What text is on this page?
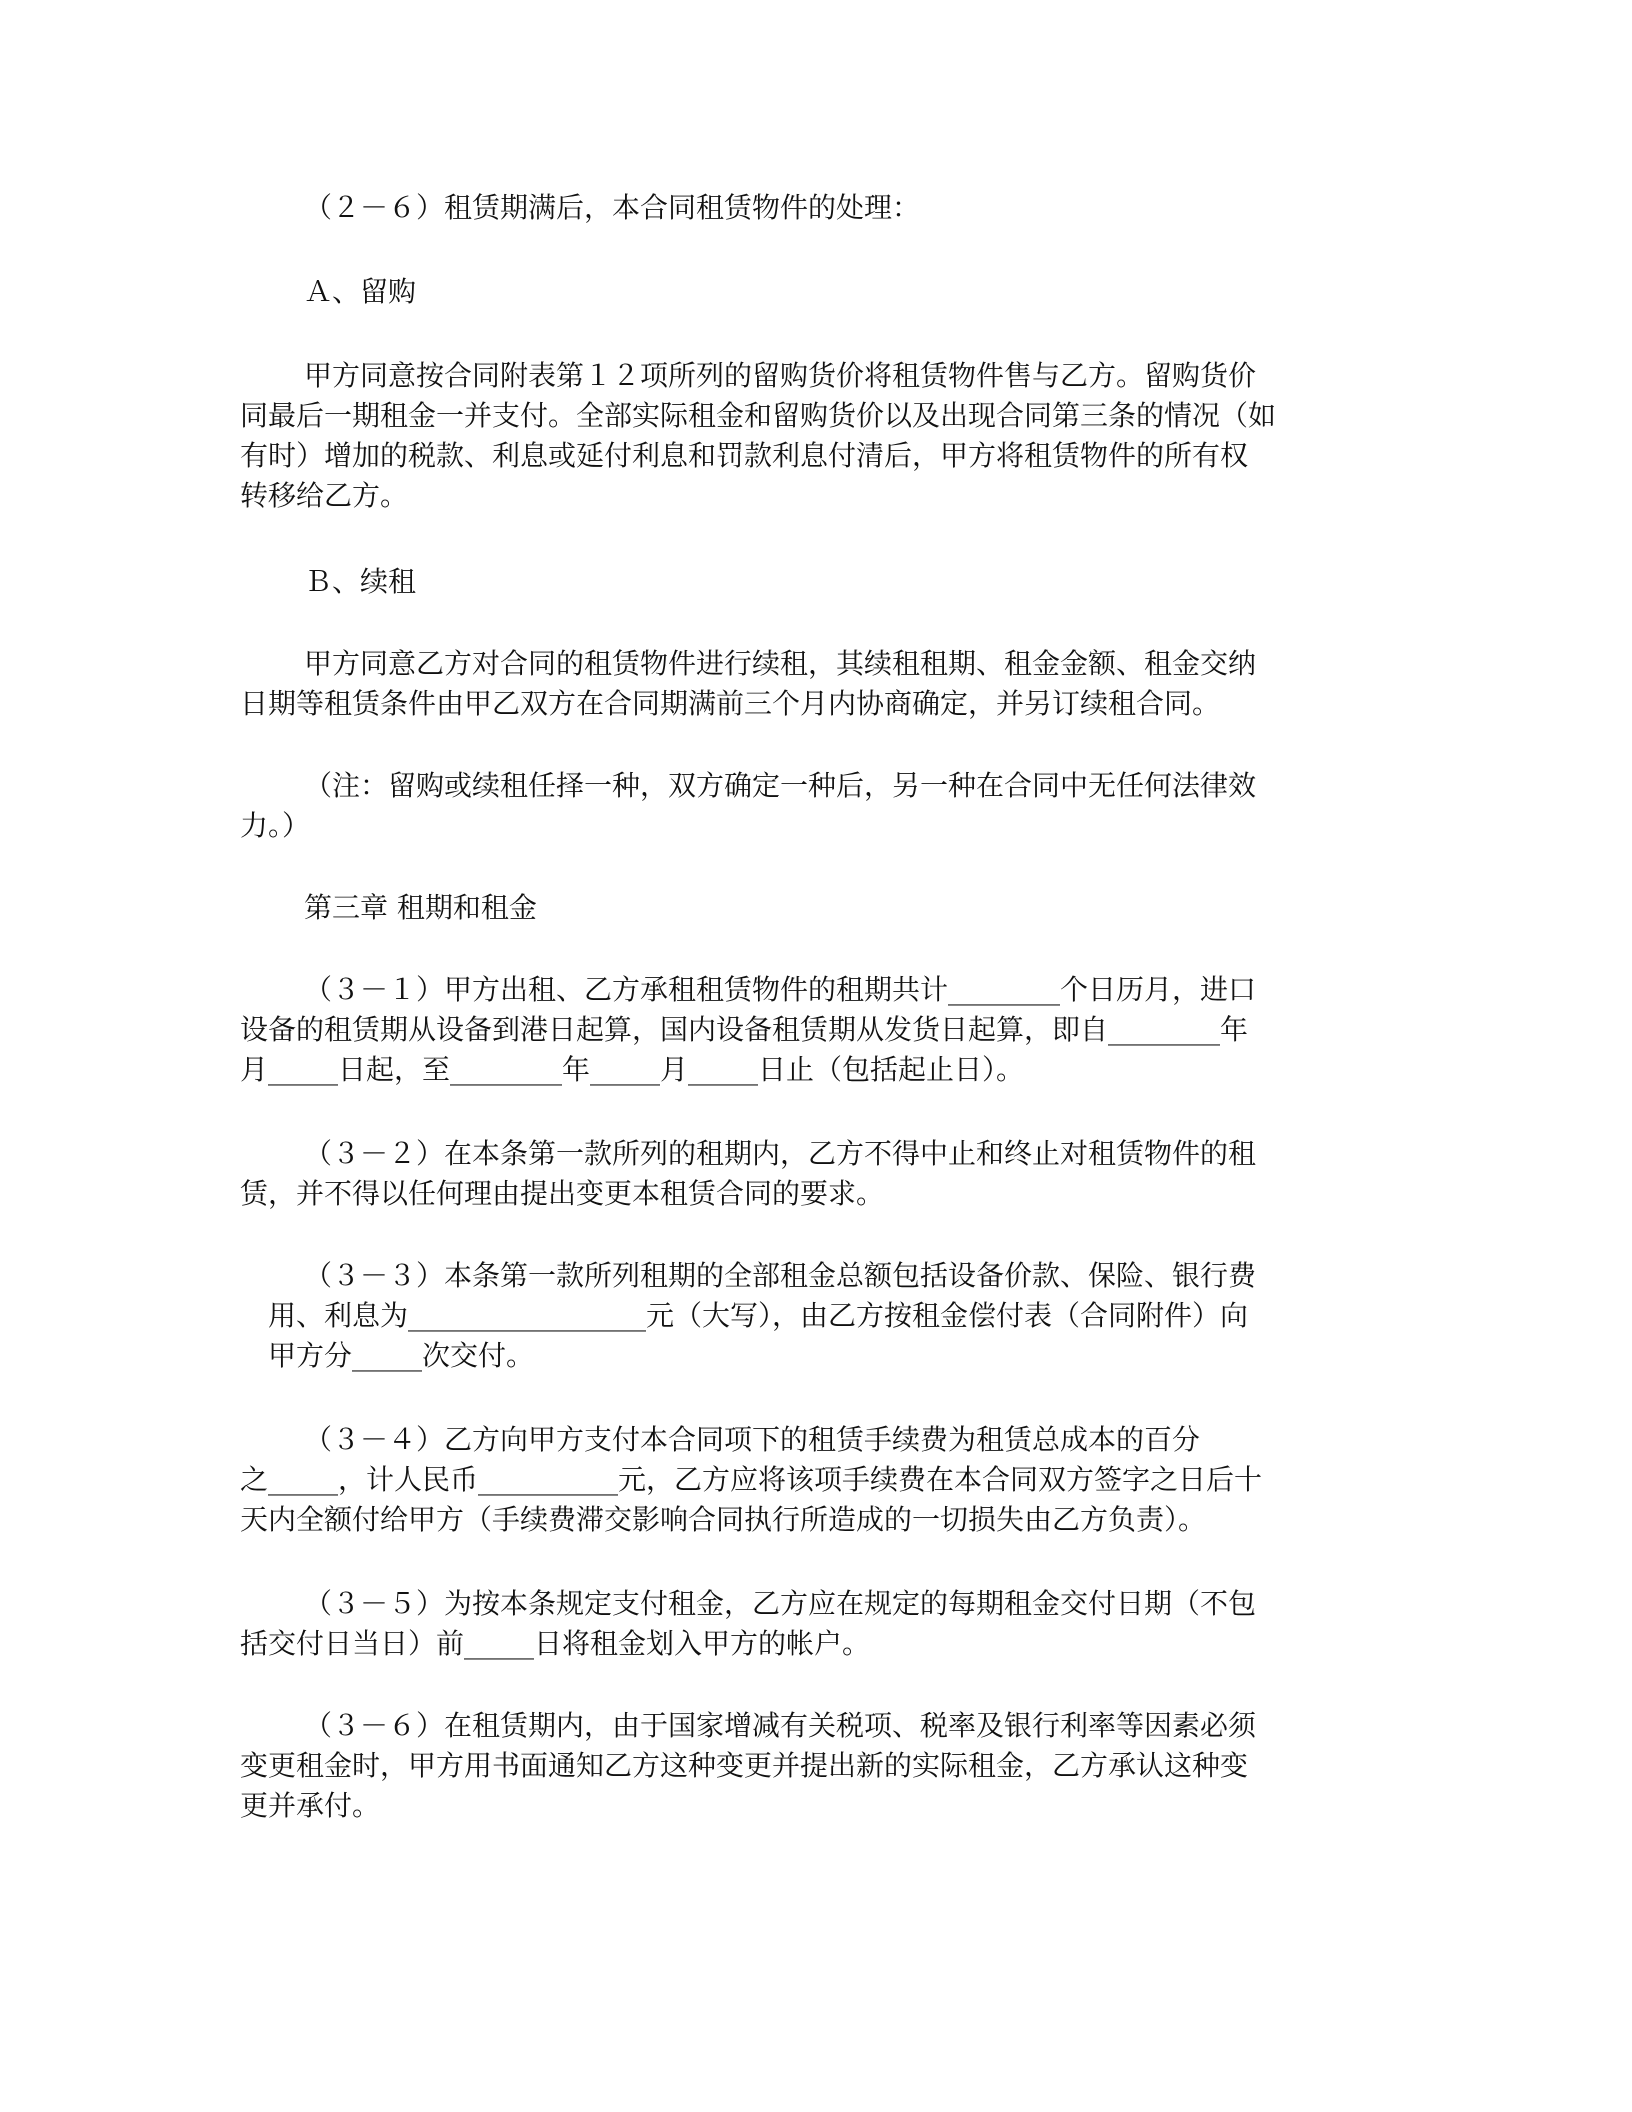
（２－６）租赁期满后，本合同租赁物件的处理：
Ａ、留购
甲方同意按合同附表第１２项所列的留购货价将租赁物件售与乙方。留购货价
同最后一期租金一并支付。全部实际租金和留购货价以及出现合同第三条的情况（如
有时）增加的税款、利息或延付利息和罚款利息付清后，甲方将租赁物件的所有权
转移给乙方。
Ｂ、续租
甲方同意乙方对合同的租赁物件进行续租，其续租租期、租金金额、租金交纳
日期等租赁条件由甲乙双方在合同期满前三个月内协商确定，并另订续租合同。
（注：留购或续租任择一种，双方确定一种后，另一种在合同中无任何法律效
力。）
第三章 租期和租金
（３－１）甲方出租、乙方承租租赁物件的租期共计________个日历月，进口
设备的租赁期从设备到港日起算，国内设备租赁期从发货日起算，即自________年
月_____日起，至________年_____月_____日止（包括起止日）。
（３－２）在本条第一款所列的租期内，乙方不得中止和终止对租赁物件的租
赁，并不得以任何理由提出变更本租赁合同的要求。
（３－３）本条第一款所列租期的全部租金总额包括设备价款、保险、银行费
用、利息为_________________元（大写），由乙方按租金偿付表（合同附件）向
甲方分_____次交付。
（３－４）乙方向甲方支付本合同项下的租赁手续费为租赁总成本的百分
之_____，计人民币__________元，乙方应将该项手续费在本合同双方签字之日后十
天内全额付给甲方（手续费滞交影响合同执行所造成的一切损失由乙方负责）。
（３－５）为按本条规定支付租金，乙方应在规定的每期租金交付日期（不包
括交付日当日）前_____日将租金划入甲方的帐户。
（３－６）在租赁期内，由于国家增减有关税项、税率及银行利率等因素必须
变更租金时，甲方用书面通知乙方这种变更并提出新的实际租金，乙方承认这种变
更并承付。
